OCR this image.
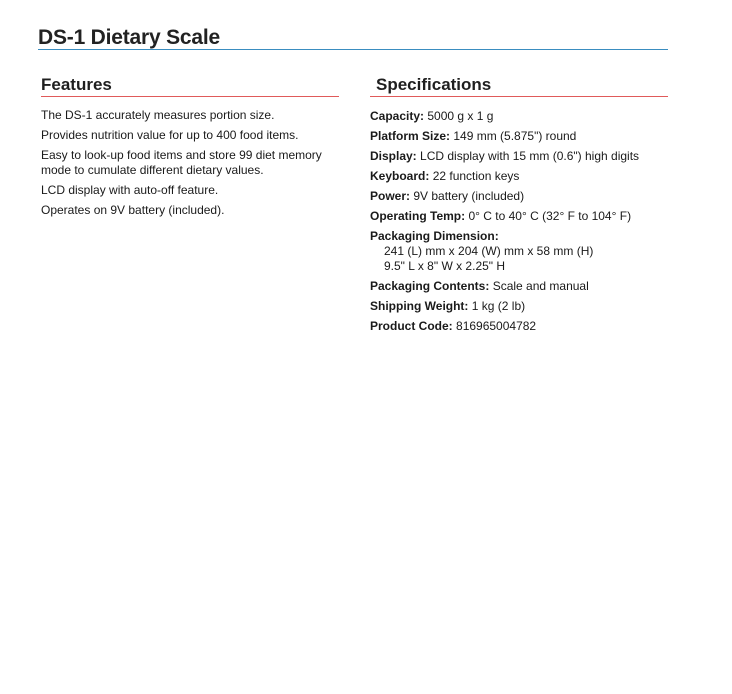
DS-1 Dietary Scale
Features
The DS-1 accurately measures portion size.
Provides nutrition value for up to 400 food items.
Easy to look-up food items and store 99 diet memory mode to cumulate different dietary values.
LCD display with auto-off feature.
Operates on 9V battery (included).
Specifications
Capacity: 5000 g x 1 g
Platform Size: 149 mm (5.875") round
Display: LCD display with 15 mm (0.6") high digits
Keyboard: 22 function keys
Power: 9V battery (included)
Operating Temp: 0° C to 40° C (32° F to 104° F)
Packaging Dimension:
241 (L) mm x 204 (W) mm x 58 mm (H)
9.5" L x 8" W x 2.25" H
Packaging Contents: Scale and manual
Shipping Weight: 1 kg (2 lb)
Product Code: 816965004782
